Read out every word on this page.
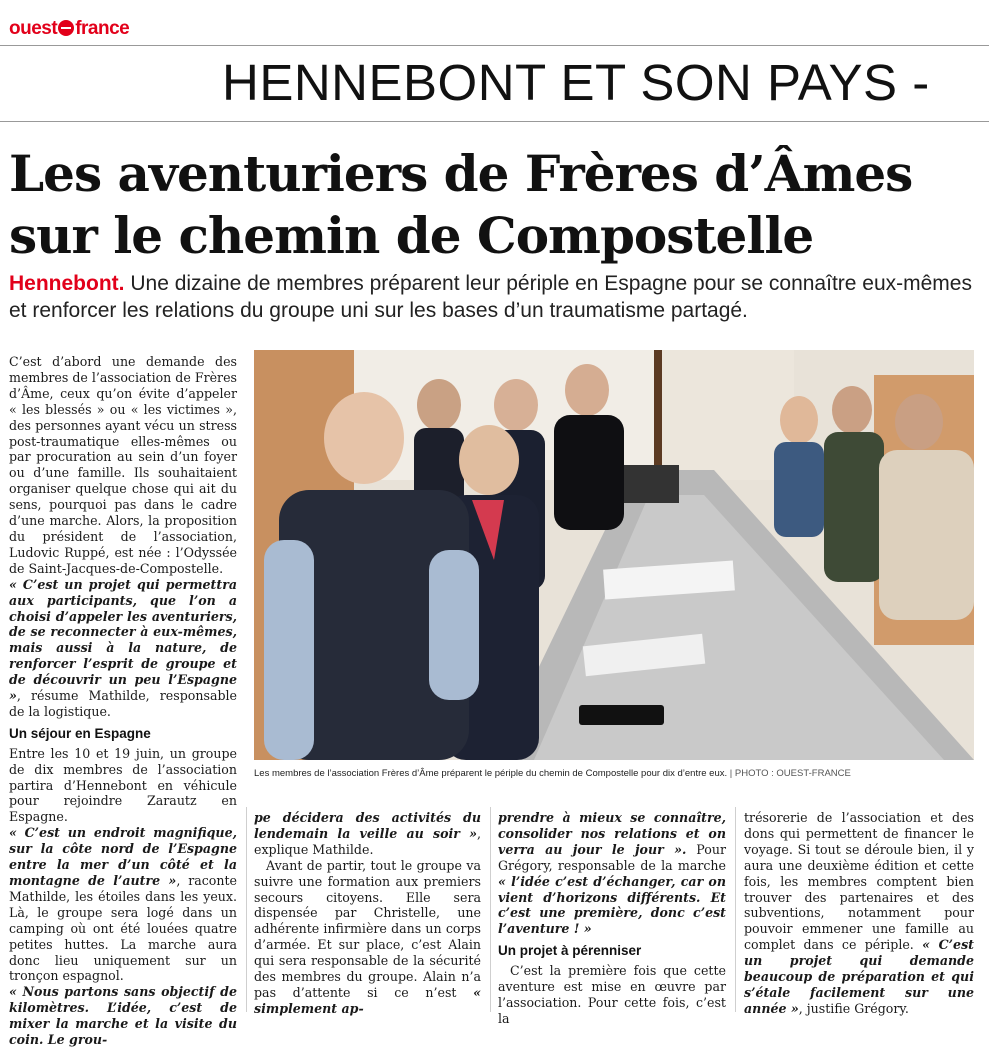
ouest france
HENNEBONT ET SON PAYS -
Les aventuriers de Frères d’Âmes
sur le chemin de Compostelle

Hennebont. Une dizaine de membres préparent leur périple en Espagne pour se connaître eux-mêmes et renforcer les relations du groupe uni sur les bases d’un traumatisme partagé.

Les membres de l’association Frères d’Âme préparent le périple du chemin de Compostelle pour dix d’entre eux. | PHOTO : OUEST-FRANCE

C’est d’abord une demande des membres de l’association de Frères d’Âme, ceux qu’on évite d’appeler « les blessés » ou « les victimes », des personnes ayant vécu un stress post-traumatique elles-mêmes ou par procuration au sein d’un foyer ou d’une famille. Ils souhaitaient organiser quelque chose qui ait du sens, pourquoi pas dans le cadre d’une marche. Alors, la proposition du président de l’association, Ludovic Ruppé, est née : l’Odyssée de Saint-Jacques-de-Compostelle.

« C’est un projet qui permettra aux participants, que l’on a choisi d’appeler les aventuriers, de se reconnecter à eux-mêmes, mais aussi à la nature, de renforcer l’esprit de groupe et de découvrir un peu l’Espagne », résume Mathilde, responsable de la logistique.

Un séjour en Espagne

Entre les 10 et 19 juin, un groupe de dix membres de l’association partira d’Hennebont en véhicule pour rejoindre Zarautz en Espagne.

« C’est un endroit magnifique, sur la côte nord de l’Espagne entre la mer d’un côté et la montagne de l’autre », raconte Mathilde, les étoiles dans les yeux. Là, le groupe sera logé dans un camping où ont été louées quatre petites huttes. La marche aura donc lieu uniquement sur un tronçon espagnol.

« Nous partons sans objectif de kilomètres. L’idée, c’est de mixer la marche et la visite du coin. Le grou-

pe décidera des activités du lendemain la veille au soir », explique Mathilde.

Avant de partir, tout le groupe va suivre une formation aux premiers secours citoyens. Elle sera dispensée par Christelle, une adhérente infirmière dans un corps d’armée. Et sur place, c’est Alain qui sera responsable de la sécurité des membres du groupe. Alain n’a pas d’attente si ce n’est « simplement ap-

prendre à mieux se connaître, consolider nos relations et on verra au jour le jour ». Pour Grégory, responsable de la marche « l’idée c’est d’échanger, car on vient d’horizons différents. Et c’est une première, donc c’est l’aventure ! »

Un projet à pérenniser

C’est la première fois que cette aventure est mise en œuvre par l’association. Pour cette fois, c’est la

trésorerie de l’association et des dons qui permettent de financer le voyage. Si tout se déroule bien, il y aura une deuxième édition et cette fois, les membres comptent bien trouver des partenaires et des subventions, notamment pour pouvoir emmener une famille au complet dans ce périple. « C’est un projet qui demande beaucoup de préparation et qui s’étale facilement sur une année », justifie Grégory.
